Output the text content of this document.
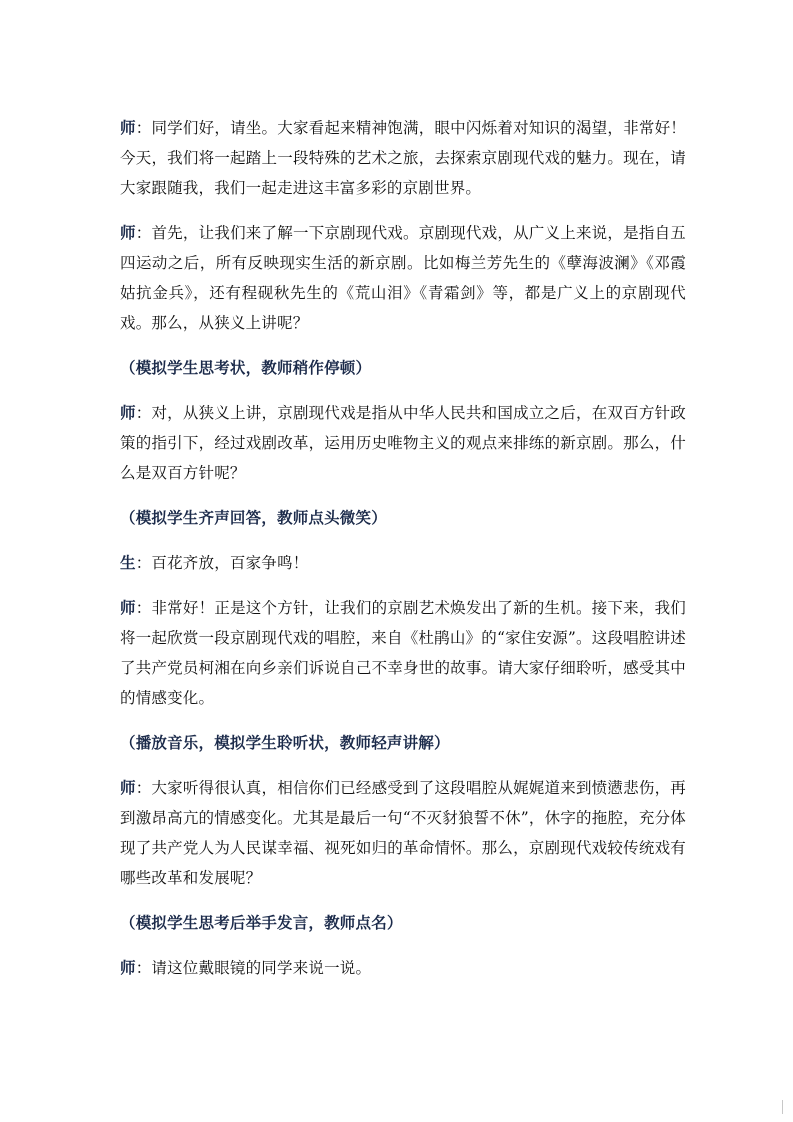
师：同学们好，请坐。大家看起来精神饱满，眼中闪烁着对知识的渴望，非常好！今天，我们将一起踏上一段特殊的艺术之旅，去探索京剧现代戏的魅力。现在，请大家跟随我，我们一起走进这丰富多彩的京剧世界。

师：首先，让我们来了解一下京剧现代戏。京剧现代戏，从广义上来说，是指自五四运动之后，所有反映现实生活的新京剧。比如梅兰芳先生的《孽海波澜》《邓霞姑抗金兵》，还有程砚秋先生的《荒山泪》《青霜剑》等，都是广义上的京剧现代戏。那么，从狭义上讲呢？

（模拟学生思考状，教师稍作停顿）

师：对，从狭义上讲，京剧现代戏是指从中华人民共和国成立之后，在双百方针政策的指引下，经过戏剧改革，运用历史唯物主义的观点来排练的新京剧。那么，什么是双百方针呢？

（模拟学生齐声回答，教师点头微笑）

生：百花齐放，百家争鸣！

师：非常好！正是这个方针，让我们的京剧艺术焕发出了新的生机。接下来，我们将一起欣赏一段京剧现代戏的唱腔，来自《杜鹃山》的“家住安源”。这段唱腔讲述了共产党员柯湘在向乡亲们诉说自己不幸身世的故事。请大家仔细聆听，感受其中的情感变化。

（播放音乐，模拟学生聆听状，教师轻声讲解）

师：大家听得很认真，相信你们已经感受到了这段唱腔从娓娓道来到愤懑悲伤，再到激昂高亢的情感变化。尤其是最后一句“不灭豺狼誓不休”，休字的拖腔，充分体现了共产党人为人民谋幸福、视死如归的革命情怀。那么，京剧现代戏较传统戏有哪些改革和发展呢？

（模拟学生思考后举手发言，教师点名）

师：请这位戴眼镜的同学来说一说。
